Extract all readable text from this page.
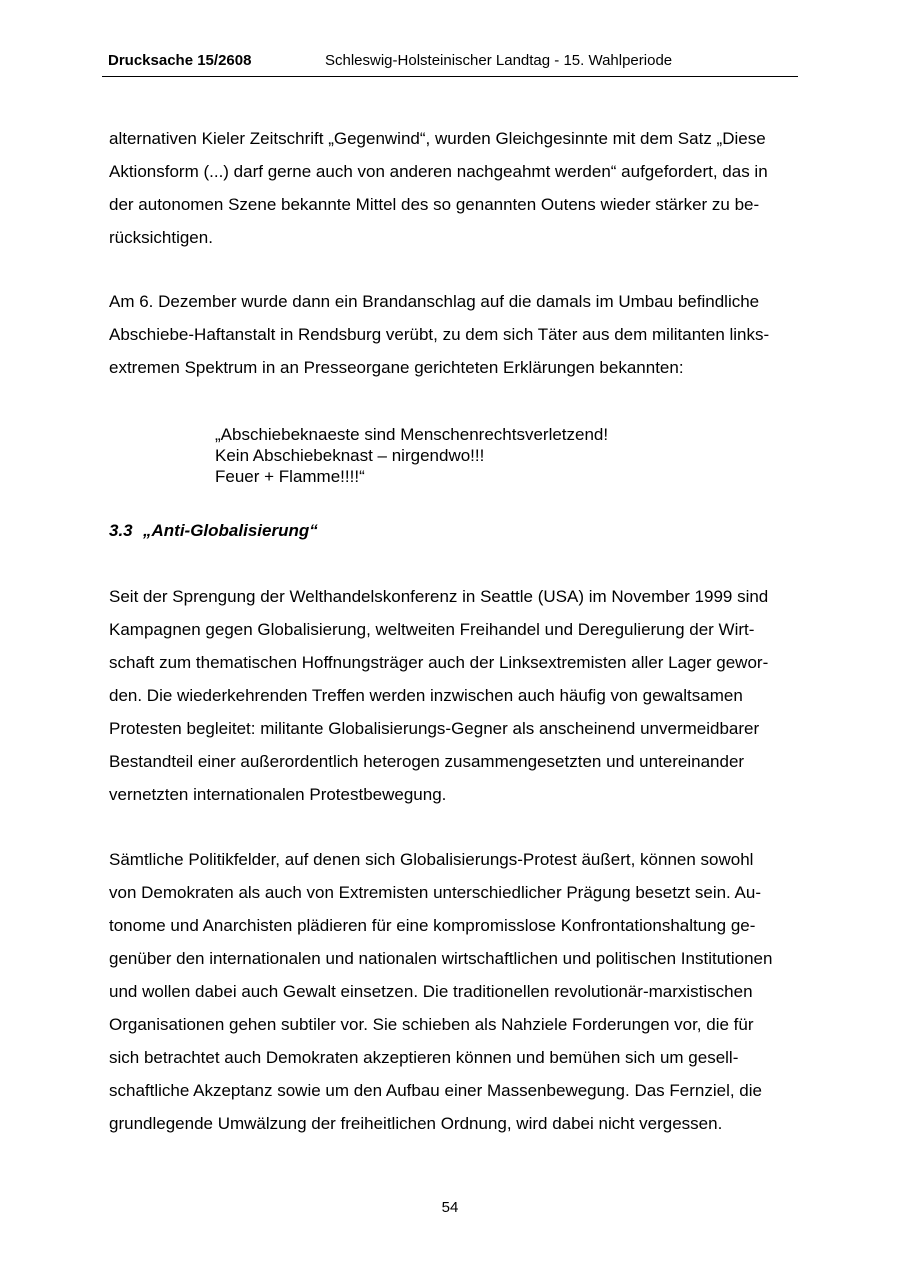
Drucksache 15/2608	Schleswig-Holsteinischer Landtag - 15. Wahlperiode
alternativen Kieler Zeitschrift „Gegenwind“, wurden Gleichgesinnte mit dem Satz „Diese
Aktionsform (...) darf gerne auch von anderen nachgeahmt werden“ aufgefordert, das in
der autonomen Szene bekannte Mittel des so genannten Outens wieder stärker zu be-
rücksichtigen.
Am 6. Dezember wurde dann ein Brandanschlag auf die damals im Umbau befindliche
Abschiebe-Haftanstalt in Rendsburg verübt, zu dem sich Täter aus dem militanten links-
extremen Spektrum in an Presseorgane gerichteten Erklärungen bekannten:
„Abschiebeknaeste sind Menschenrechtsverletzend!
Kein Abschiebeknast – nirgendwo!!!
Feuer + Flamme!!!!“
3.3 „Anti-Globalisierung“
Seit der Sprengung der Welthandelskonferenz in Seattle (USA) im November 1999 sind
Kampagnen gegen Globalisierung, weltweiten Freihandel und Deregulierung der Wirt-
schaft zum thematischen Hoffnungsträger auch der Linksextremisten aller Lager gewor-
den. Die wiederkehrenden Treffen werden inzwischen auch häufig von gewaltsamen
Protesten begleitet: militante Globalisierungs-Gegner als anscheinend unvermeidbarer
Bestandteil einer außerordentlich heterogen zusammengesetzten und untereinander
vernetzten internationalen Protestbewegung.
Sämtliche Politikfelder, auf denen sich Globalisierungs-Protest äußert, können sowohl
von Demokraten als auch von Extremisten unterschiedlicher Prägung besetzt sein. Au-
tonome und Anarchisten plädieren für eine kompromisslose Konfrontationshaltung ge-
genüber den internationalen und nationalen wirtschaftlichen und politischen Institutionen
und wollen dabei auch Gewalt einsetzen. Die traditionellen revolutionär-marxistischen
Organisationen gehen subtiler vor. Sie schieben als Nahziele Forderungen vor, die für
sich betrachtet auch Demokraten akzeptieren können und bemühen sich um gesell-
schaftliche Akzeptanz sowie um den Aufbau einer Massenbewegung. Das Fernziel, die
grundlegende Umwälzung der freiheitlichen Ordnung, wird dabei nicht vergessen.
54
